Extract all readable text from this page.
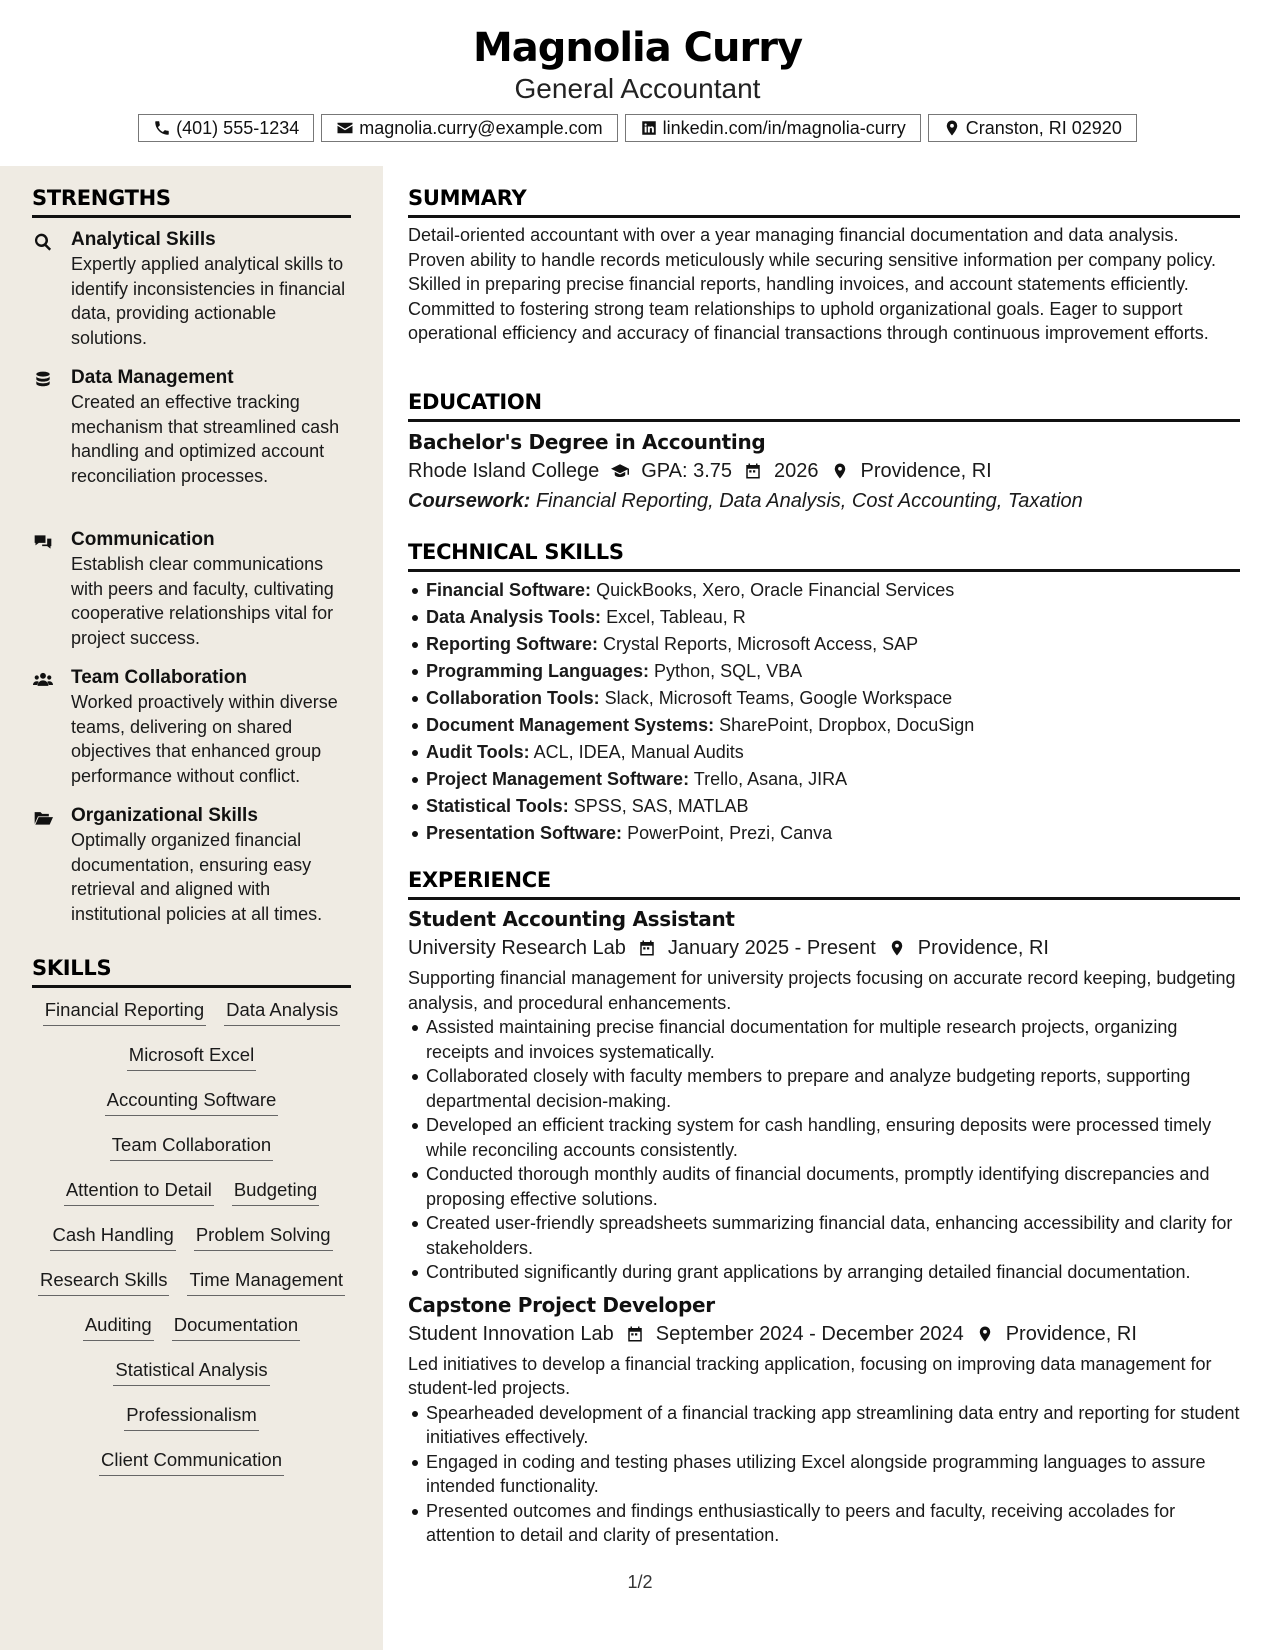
Magnolia Curry
General Accountant
(401) 555-1234	magnolia.curry@example.com	linkedin.com/in/magnolia-curry	Cranston, RI 02920
STRENGTHS
Analytical Skills
Expertly applied analytical skills to identify inconsistencies in financial data, providing actionable solutions.
Data Management
Created an effective tracking mechanism that streamlined cash handling and optimized account reconciliation processes.
Communication
Establish clear communications with peers and faculty, cultivating cooperative relationships vital for project success.
Team Collaboration
Worked proactively within diverse teams, delivering on shared objectives that enhanced group performance without conflict.
Organizational Skills
Optimally organized financial documentation, ensuring easy retrieval and aligned with institutional policies at all times.
SKILLS
Financial Reporting Data Analysis
Microsoft Excel
Accounting Software
Team Collaboration
Attention to Detail Budgeting
Cash Handling Problem Solving
Research Skills Time Management
Auditing Documentation
Statistical Analysis
Professionalism
Client Communication
SUMMARY
Detail-oriented accountant with over a year managing financial documentation and data analysis. Proven ability to handle records meticulously while securing sensitive information per company policy. Skilled in preparing precise financial reports, handling invoices, and account statements efficiently. Committed to fostering strong team relationships to uphold organizational goals. Eager to support operational efficiency and accuracy of financial transactions through continuous improvement efforts.
EDUCATION
Bachelor's Degree in Accounting
Rhode Island College GPA: 3.75 2026 Providence, RI
Coursework: Financial Reporting, Data Analysis, Cost Accounting, Taxation
TECHNICAL SKILLS
Financial Software: QuickBooks, Xero, Oracle Financial Services
Data Analysis Tools: Excel, Tableau, R
Reporting Software: Crystal Reports, Microsoft Access, SAP
Programming Languages: Python, SQL, VBA
Collaboration Tools: Slack, Microsoft Teams, Google Workspace
Document Management Systems: SharePoint, Dropbox, DocuSign
Audit Tools: ACL, IDEA, Manual Audits
Project Management Software: Trello, Asana, JIRA
Statistical Tools: SPSS, SAS, MATLAB
Presentation Software: PowerPoint, Prezi, Canva
EXPERIENCE
Student Accounting Assistant
University Research Lab January 2025 - Present Providence, RI
Supporting financial management for university projects focusing on accurate record keeping, budgeting analysis, and procedural enhancements.
Assisted maintaining precise financial documentation for multiple research projects, organizing receipts and invoices systematically.
Collaborated closely with faculty members to prepare and analyze budgeting reports, supporting departmental decision-making.
Developed an efficient tracking system for cash handling, ensuring deposits were processed timely while reconciling accounts consistently.
Conducted thorough monthly audits of financial documents, promptly identifying discrepancies and proposing effective solutions.
Created user-friendly spreadsheets summarizing financial data, enhancing accessibility and clarity for stakeholders.
Contributed significantly during grant applications by arranging detailed financial documentation.
Capstone Project Developer
Student Innovation Lab September 2024 - December 2024 Providence, RI
Led initiatives to develop a financial tracking application, focusing on improving data management for student-led projects.
Spearheaded development of a financial tracking app streamlining data entry and reporting for student initiatives effectively.
Engaged in coding and testing phases utilizing Excel alongside programming languages to assure intended functionality.
Presented outcomes and findings enthusiastically to peers and faculty, receiving accolades for attention to detail and clarity of presentation.
1/2
